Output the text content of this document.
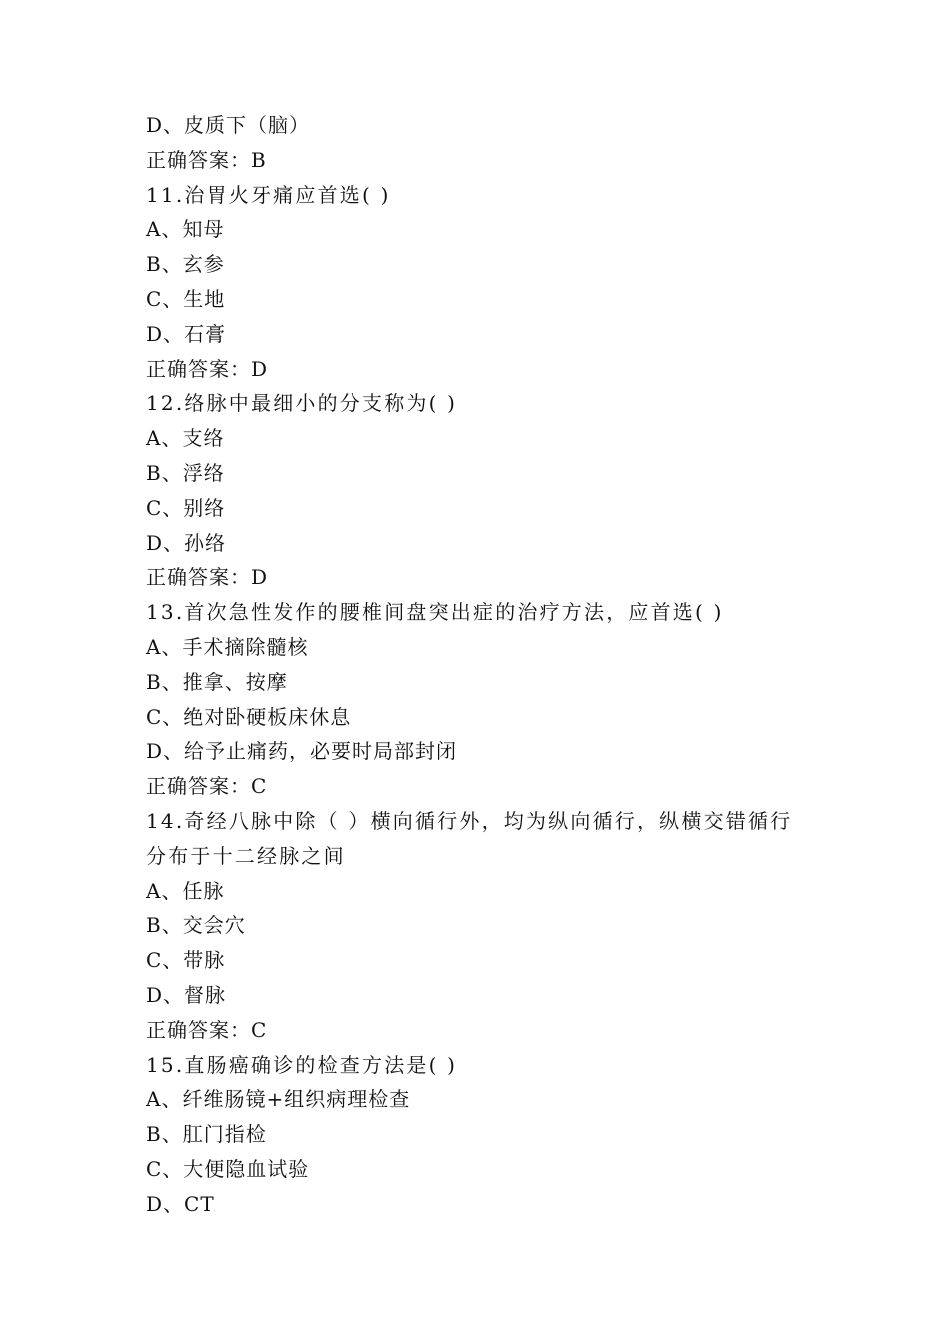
D、皮质下（脑）
正确答案：B
11.治胃火牙痛应首选( )
A、知母
B、玄参
C、生地
D、石膏
正确答案：D
12.络脉中最细小的分支称为( )
A、支络
B、浮络
C、别络
D、孙络
正确答案：D
13.首次急性发作的腰椎间盘突出症的治疗方法，应首选( )
A、手术摘除髓核
B、推拿、按摩
C、绝对卧硬板床休息
D、给予止痛药，必要时局部封闭
正确答案：C
14.奇经八脉中除（ ）横向循行外，均为纵向循行，纵横交错循行
分布于十二经脉之间
A、任脉
B、交会穴
C、带脉
D、督脉
正确答案：C
15.直肠癌确诊的检查方法是( )
A、纤维肠镜+组织病理检查
B、肛门指检
C、大便隐血试验
D、CT
